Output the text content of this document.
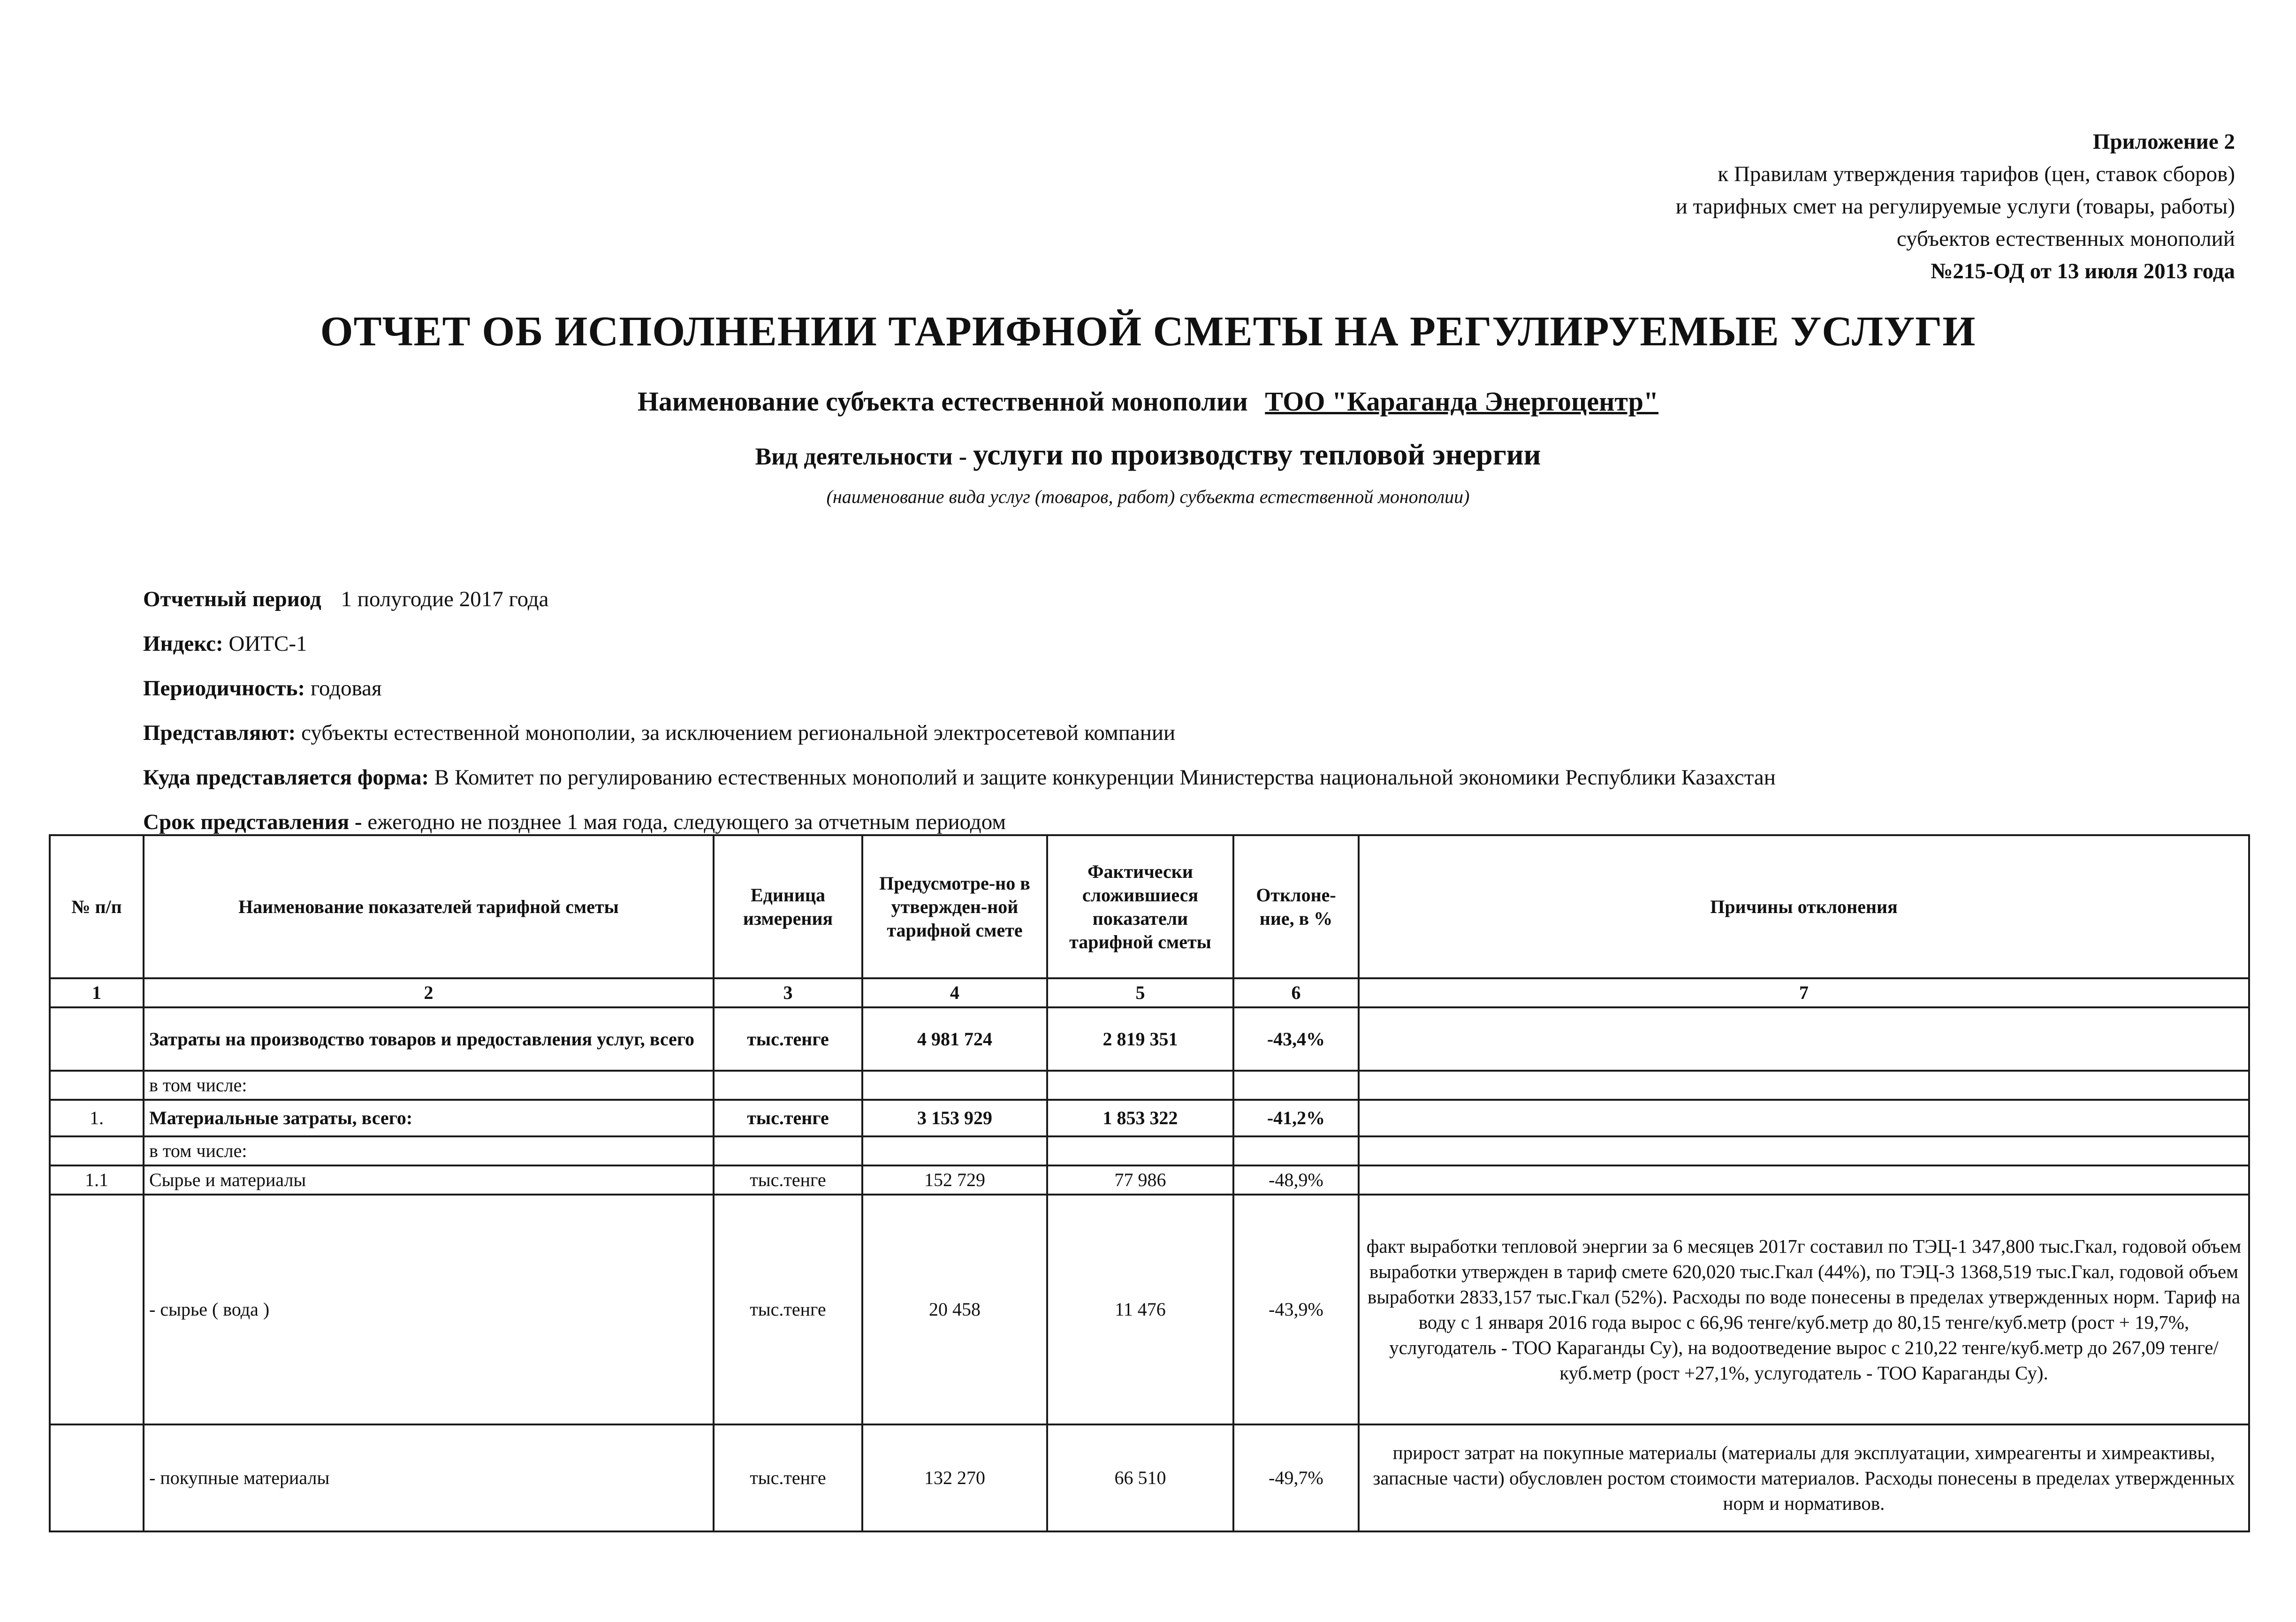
Приложение 2
к Правилам утверждения тарифов (цен, ставок сборов)
и тарифных смет на регулируемые услуги (товары, работы)
субъектов естественных монополий
№215-ОД от 13 июля 2013 года
ОТЧЕТ ОБ ИСПОЛНЕНИИ ТАРИФНОЙ СМЕТЫ НА РЕГУЛИРУЕМЫЕ УСЛУГИ
Наименование субъекта естественной монополии ТОО "Караганда Энергоцентр"
Вид деятельности - услуги по производству тепловой энергии
(наименование вида услуг (товаров, работ) субъекта естественной монополии)
Отчетный период 1 полугодие 2017 года
Индекс: ОИТС-1
Периодичность: годовая
Представляют: субъекты естественной монополии, за исключением региональной электросетевой компании
Куда представляется форма: В Комитет по регулированию естественных монополий и защите конкуренции Министерства национальной экономики Республики Казахстан
Срок представления - ежегодно не позднее 1 мая года, следующего за отчетным периодом
№ п/п	Наименование показателей тарифной сметы	Единица измерения	Предусмотре-но в утвержден-ной тарифной смете	Фактически сложившиеся показатели тарифной сметы	Отклоне-ние, в %	Причины отклонения
1	2	3	4	5	6	7
	Затраты на производство товаров и предоставления услуг, всего	тыс.тенге	4 981 724	2 819 351	-43,4%	
	в том числе:					
1.	Материальные затраты, всего:	тыс.тенге	3 153 929	1 853 322	-41,2%	
	в том числе:					
1.1	Сырье и материалы	тыс.тенге	152 729	77 986	-48,9%	
	- сырье ( вода )	тыс.тенге	20 458	11 476	-43,9%	факт выработки тепловой энергии за 6 месяцев 2017г составил по ТЭЦ-1 347,800 тыс.Гкал, годовой объем выработки утвержден в тариф смете 620,020 тыс.Гкал (44%), по ТЭЦ-3 1368,519 тыс.Гкал, годовой объем выработки 2833,157 тыс.Гкал (52%). Расходы по воде понесены в пределах утвержденных норм. Тариф на воду с 1 января 2016 года вырос с 66,96 тенге/куб.метр до 80,15 тенге/куб.метр (рост + 19,7%, услугодатель - ТОО Караганды Су), на водоотведение вырос с 210,22 тенге/куб.метр до 267,09 тенге/куб.метр (рост +27,1%, услугодатель - ТОО Караганды Су).
	- покупные материалы	тыс.тенге	132 270	66 510	-49,7%	прирост затрат на покупные материалы (материалы для эксплуатации, химреагенты и химреактивы, запасные части) обусловлен ростом стоимости материалов. Расходы понесены в пределах утвержденных норм и нормативов.
